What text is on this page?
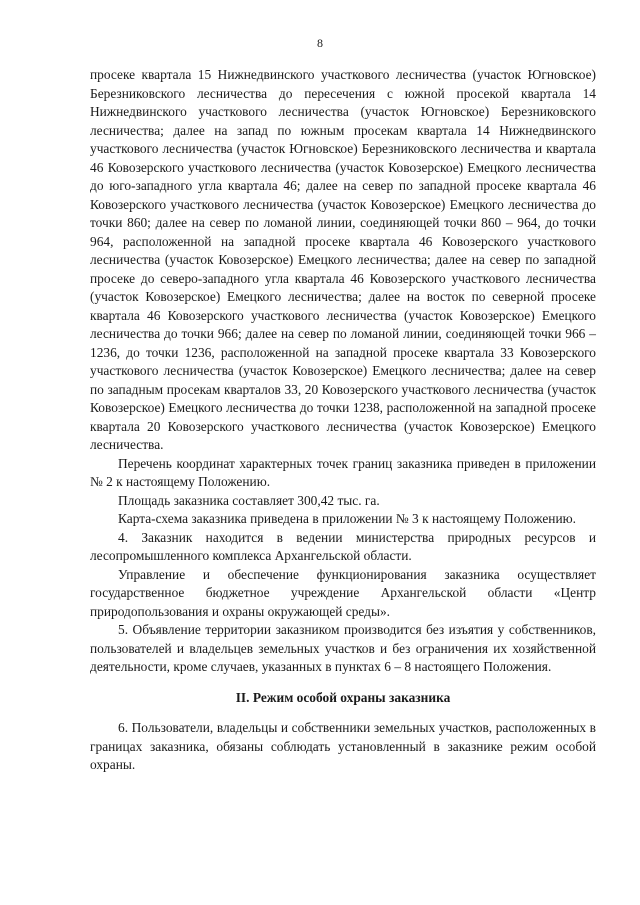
8

просеке квартала 15 Нижнедвинского участкового лесничества (участок Югновское) Березниковского лесничества до пересечения с южной просекой квартала 14 Нижнедвинского участкового лесничества (участок Югновское) Березниковского лесничества; далее на запад по южным просекам квартала 14 Нижнедвинского участкового лесничества (участок Югновское) Березниковского лесничества и квартала 46 Ковозерского участкового лесничества (участок Ковозерское) Емецкого лесничества до юго-западного угла квартала 46; далее на север по западной просеке квартала 46 Ковозерского участкового лесничества (участок Ковозерское) Емецкого лесничества до точки 860; далее на север по ломаной линии, соединяющей точки 860 – 964, до точки 964, расположенной на западной просеке квартала 46 Ковозерского участкового лесничества (участок Ковозерское) Емецкого лесничества; далее на север по западной просеке до северо-западного угла квартала 46 Ковозерского участкового лесничества (участок Ковозерское) Емецкого лесничества; далее на восток по северной просеке квартала 46 Ковозерского участкового лесничества (участок Ковозерское) Емецкого лесничества до точки 966; далее на север по ломаной линии, соединяющей точки 966 – 1236, до точки 1236, расположенной на западной просеке квартала 33 Ковозерского участкового лесничества (участок Ковозерское) Емецкого лесничества; далее на север по западным просекам кварталов 33, 20 Ковозерского участкового лесничества (участок Ковозерское) Емецкого лесничества до точки 1238, расположенной на западной просеке квартала 20 Ковозерского участкового лесничества (участок Ковозерское) Емецкого лесничества.

Перечень координат характерных точек границ заказника приведен в приложении № 2 к настоящему Положению.

Площадь заказника составляет 300,42 тыс. га.

Карта-схема заказника приведена в приложении № 3 к настоящему Положению.

4. Заказник находится в ведении министерства природных ресурсов и лесопромышленного комплекса Архангельской области.

Управление и обеспечение функционирования заказника осуществляет государственное бюджетное учреждение Архангельской области «Центр природопользования и охраны окружающей среды».

5. Объявление территории заказником производится без изъятия у собственников, пользователей и владельцев земельных участков и без ограничения их хозяйственной деятельности, кроме случаев, указанных в пунктах 6 – 8 настоящего Положения.

II. Режим особой охраны заказника

6. Пользователи, владельцы и собственники земельных участков, расположенных в границах заказника, обязаны соблюдать установленный в заказнике режим особой охраны.
